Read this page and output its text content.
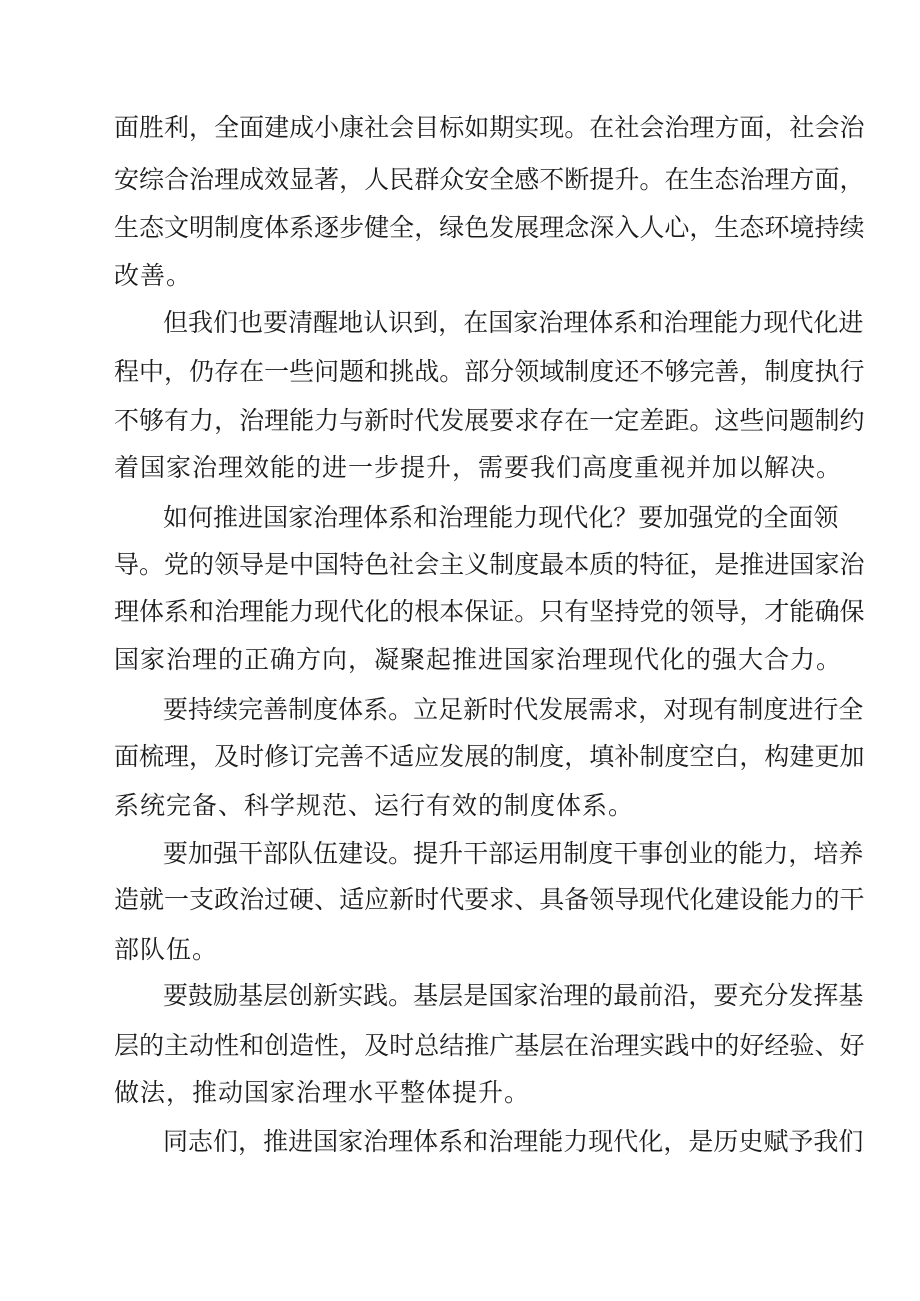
面 胜 利 ， 全 面 建 成 小 康 社 会 目 标 如 期 实 现 。 在 社 会 治 理 方 面 ， 社 会 治
安 综 合 治 理 成 效 显 著 ， 人 民 群 众 安 全 感 不 断 提 升 。 在 生 态 治 理 方 面 ，
生 态 文 明 制 度 体 系 逐 步 健 全 ， 绿 色 发 展 理 念 深 入 人 心 ， 生 态 环 境 持 续
改善。
但 我 们 也 要 清 醒 地 认 识 到 ， 在 国 家 治 理 体 系 和 治 理 能 力 现 代 化 进
程 中 ， 仍 存 在 一 些 问 题 和 挑 战 。 部 分 领 域 制 度 还 不 够 完 善 ， 制 度 执 行
不 够 有 力 ， 治 理 能 力 与 新 时 代 发 展 要 求 存 在 一 定 差 距 。 这 些 问 题 制 约
着国家治理效能的进一步提升，需要我们高度重视并加以解决。
如 何 推 进 国 家 治 理 体 系 和 治 理 能 力 现 代 化 ？ 要 加 强 党 的 全 面 领
导 。 党 的 领 导 是 中 国 特 色 社 会 主 义 制 度 最 本 质 的 特 征 ， 是 推 进 国 家 治
理 体 系 和 治 理 能 力 现 代 化 的 根 本 保 证 。 只 有 坚 持 党 的 领 导 ， 才 能 确 保
国家治理的正确方向，凝聚起推进国家治理现代化的强大合力。
要 持 续 完 善 制 度 体 系 。 立 足 新 时 代 发 展 需 求 ， 对 现 有 制 度 进 行 全
面 梳 理 ， 及 时 修 订 完 善 不 适 应 发 展 的 制 度 ， 填 补 制 度 空 白 ， 构 建 更 加
系统完备、科学规范、运行有效的制度体系。
要 加 强 干 部 队 伍 建 设 。 提 升 干 部 运 用 制 度 干 事 创 业 的 能 力 ， 培 养
造 就 一 支 政 治 过 硬 、 适 应 新 时 代 要 求 、 具 备 领 导 现 代 化 建 设 能 力 的 干
部队伍。
要 鼓 励 基 层 创 新 实 践 。 基 层 是 国 家 治 理 的 最 前 沿 ， 要 充 分 发 挥 基
层 的 主 动 性 和 创 造 性 ， 及 时 总 结 推 广 基 层 在 治 理 实 践 中 的 好 经 验 、 好
做法，推动国家治理水平整体提升。
同 志 们 ， 推 进 国 家 治 理 体 系 和 治 理 能 力 现 代 化 ， 是 历 史 赋 予 我 们
